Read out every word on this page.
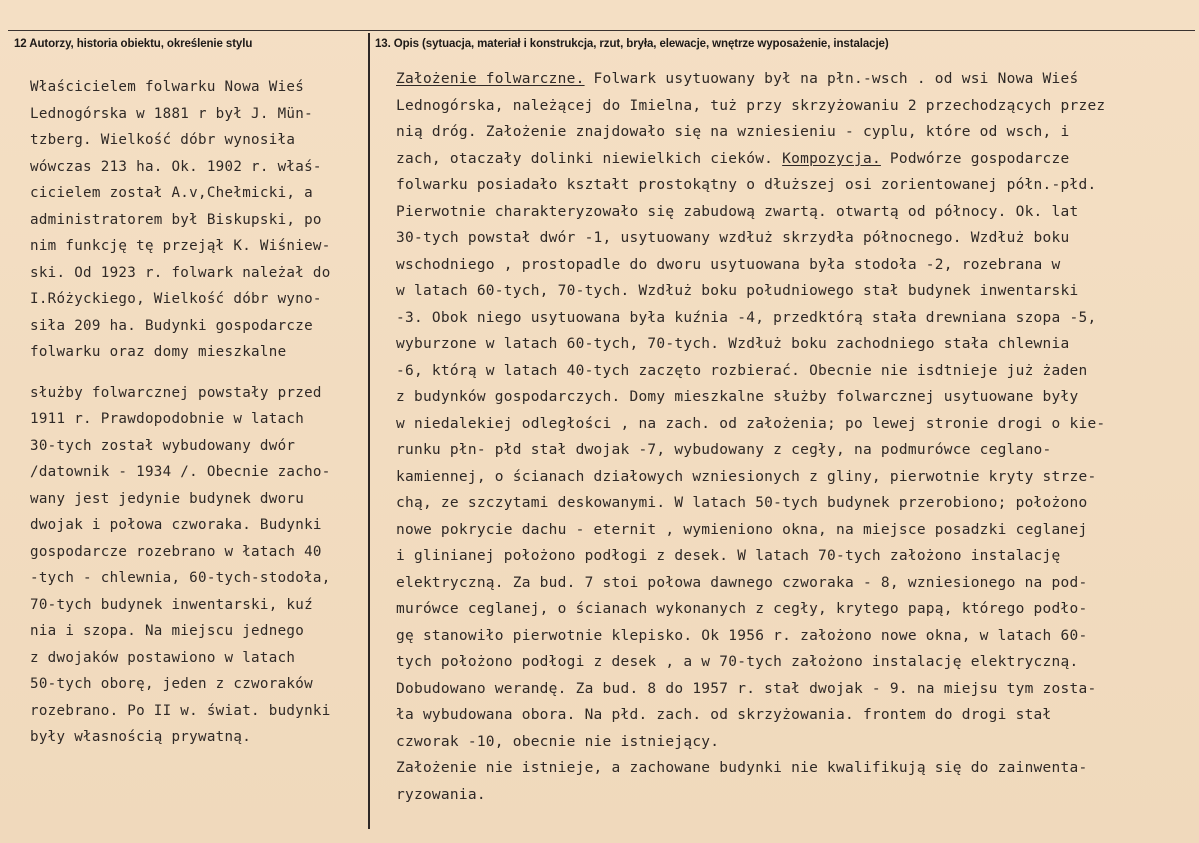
12 Autorzy, historia obiektu, określenie stylu	13. Opis (sytuacja, materiał i konstrukcja, rzut, bryła, elewacje, wnętrze wyposażenie, instalacje)
Właścicielem folwarku Nowa Wieś
Lednogórska w 1881 r był J. Mün-
tzberg. Wielkość dóbr wynosiła
wówczas 213 ha. Ok. 1902 r. właś-
cicielem został A.v,Chełmicki, a
administratorem był Biskupski, po
nim funkcję tę przejął K. Wiśniew-
ski. Od 1923 r. folwark należał do
I.Różyckiego, Wielkość dóbr wyno-
siła 209 ha. Budynki gospodarcze
folwarku oraz domy mieszkalne
służby folwarcznej powstały przed
1911 r. Prawdopodobnie w latach
30-tych został wybudowany dwór
/datownik - 1934 /. Obecnie zacho-
wany jest jedynie budynek dworu
dwojak i połowa czworaka. Budynki
gospodarcze rozebrano w łatach 40
-tych - chlewnia, 60-tych-stodoła,
70-tych budynek inwentarski, kuź
nia i szopa. Na miejscu jednego
z dwojaków postawiono w latach
50-tych oborę, jeden z czworaków
rozebrano. Po II w. świat. budynki
były własnością prywatną.
Założenie folwarczne. Folwark usytuowany był na płn.-wsch . od wsi Nowa Wieś
Lednogórska, należącej do Imielna, tuż przy skrzyżowaniu 2 przechodzących przez
nią dróg. Założenie znajdowało się na wzniesieniu - cyplu, które od wsch, i
zach, otaczały dolinki niewielkich cieków. Kompozycja. Podwórze gospodarcze
folwarku posiadało kształt prostokątny o dłuższej osi zorientowanej półn.-płd.
Pierwotnie charakteryzowało się zabudową zwartą. otwartą od północy. Ok. lat
30-tych powstał dwór -1, usytuowany wzdłuż skrzydła północnego. Wzdłuż boku
wschodniego , prostopadle do dworu usytuowana była stodoła -2, rozebrana w
w latach 60-tych, 70-tych. Wzdłuż boku południowego stał budynek inwentarski
-3. Obok niego usytuowana była kuźnia -4, przedktórą stała drewniana szopa -5,
wyburzone w latach 60-tych, 70-tych. Wzdłuż boku zachodniego stała chlewnia
-6, którą w latach 40-tych zaczęto rozbierać. Obecnie nie isdtnieje już żaden
z budynków gospodarczych. Domy mieszkalne służby folwarcznej usytuowane były
w niedalekiej odległości , na zach. od założenia; po lewej stronie drogi o kie-
runku płn- płd stał dwojak -7, wybudowany z cegły, na podmurówce ceglano-
kamiennej, o ścianach działowych wzniesionych z gliny, pierwotnie kryty strze-
chą, ze szczytami deskowanymi. W latach 50-tych budynek przerobiono; położono
nowe pokrycie dachu - eternit , wymieniono okna, na miejsce posadzki ceglanej
i glinianej położono podłogi z desek. W latach 70-tych założono instalację
elektryczną. Za bud. 7 stoi połowa dawnego czworaka - 8, wzniesionego na pod-
murówce ceglanej, o ścianach wykonanych z cegły, krytego papą, którego podło-
gę stanowiło pierwotnie klepisko. Ok 1956 r. założono nowe okna, w latach 60-
tych położono podłogi z desek , a w 70-tych założono instalację elektryczną.
Dobudowano werandę. Za bud. 8 do 1957 r. stał dwojak - 9. na miejsu tym zosta-
ła wybudowana obora. Na płd. zach. od skrzyżowania. frontem do drogi stał
czworak -10, obecnie nie istniejący.
Założenie nie istnieje, a zachowane budynki nie kwalifikują się do zainwenta-
ryzowania.
